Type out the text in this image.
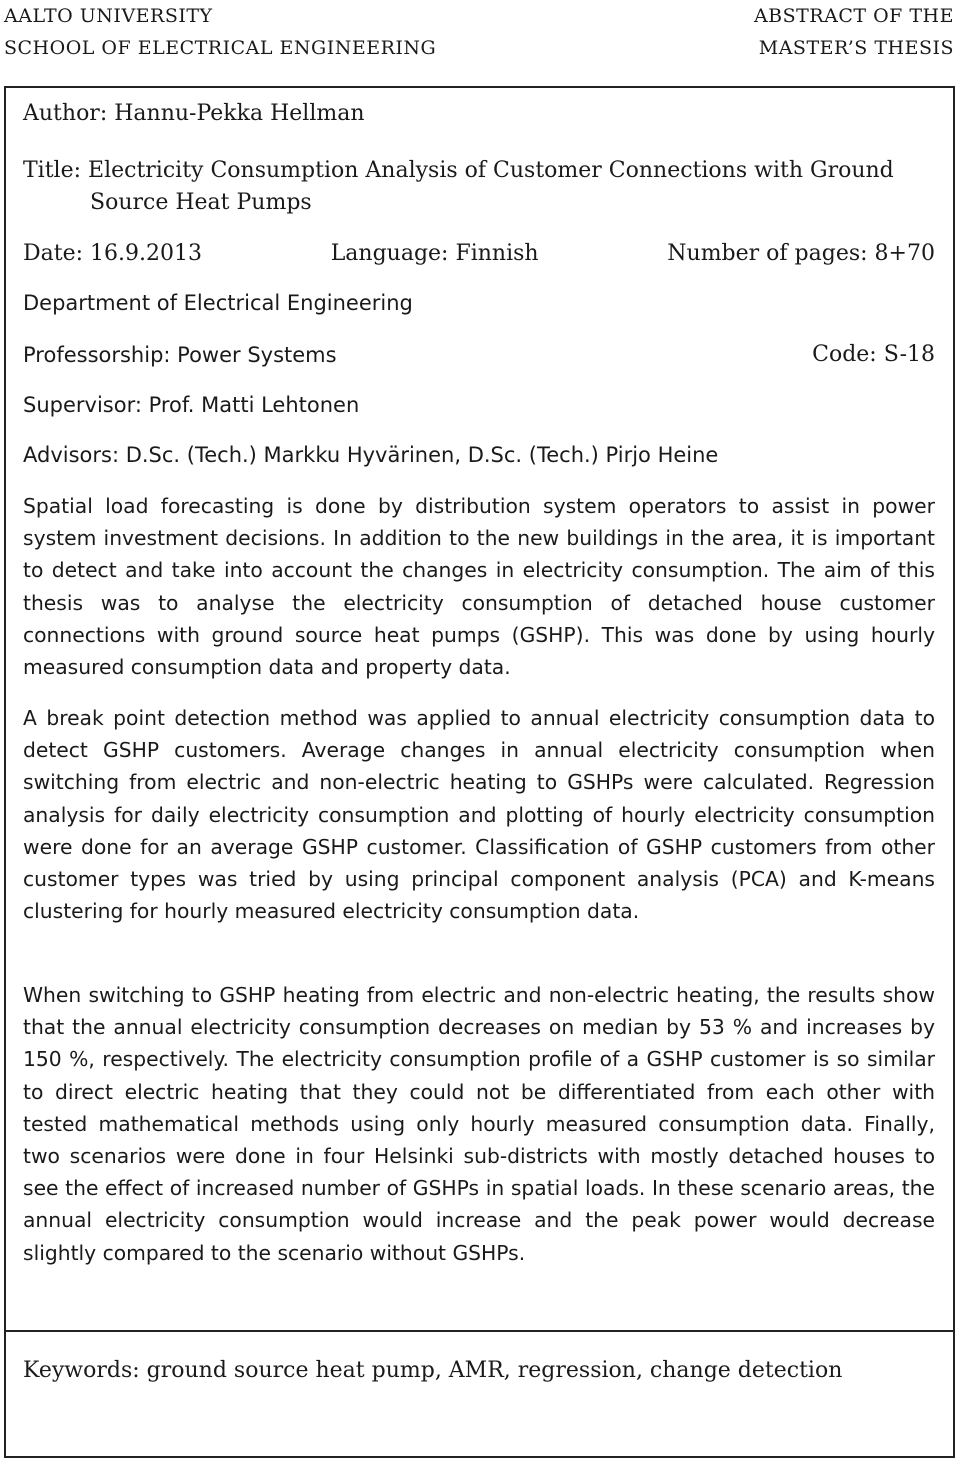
AALTO UNIVERSITY
SCHOOL OF ELECTRICAL ENGINEERING
ABSTRACT OF THE
MASTER’S THESIS
Author: Hannu-Pekka Hellman
Title: Electricity Consumption Analysis of Customer Connections with Ground
Source Heat Pumps
Date: 16.9.2013	Language: Finnish	Number of pages: 8+70
Department of Electrical Engineering
Professorship: Power Systems	Code: S-18
Supervisor: Prof. Matti Lehtonen
Advisors: D.Sc. (Tech.) Markku Hyvärinen, D.Sc. (Tech.) Pirjo Heine

Spatial load forecasting is done by distribution system operators to assist in power system investment decisions. In addition to the new buildings in the area, it is important to detect and take into account the changes in electricity consumption. The aim of this thesis was to analyse the electricity consumption of detached house customer connections with ground source heat pumps (GSHP). This was done by using hourly measured consumption data and property data.

A break point detection method was applied to annual electricity consumption data to detect GSHP customers. Average changes in annual electricity consumption when switching from electric and non-electric heating to GSHPs were calculated. Regression analysis for daily electricity consumption and plotting of hourly electricity consumption were done for an average GSHP customer. Classification of GSHP customers from other customer types was tried by using principal component analysis (PCA) and K-means clustering for hourly measured electricity consumption data.

When switching to GSHP heating from electric and non-electric heating, the results show that the annual electricity consumption decreases on median by 53 % and increases by 150 %, respectively. The electricity consumption profile of a GSHP customer is so similar to direct electric heating that they could not be differentiated from each other with tested mathematical methods using only hourly measured consumption data. Finally, two scenarios were done in four Helsinki sub-districts with mostly detached houses to see the effect of increased number of GSHPs in spatial loads. In these scenario areas, the annual electricity consumption would increase and the peak power would decrease slightly compared to the scenario without GSHPs.

Keywords: ground source heat pump, AMR, regression, change detection
